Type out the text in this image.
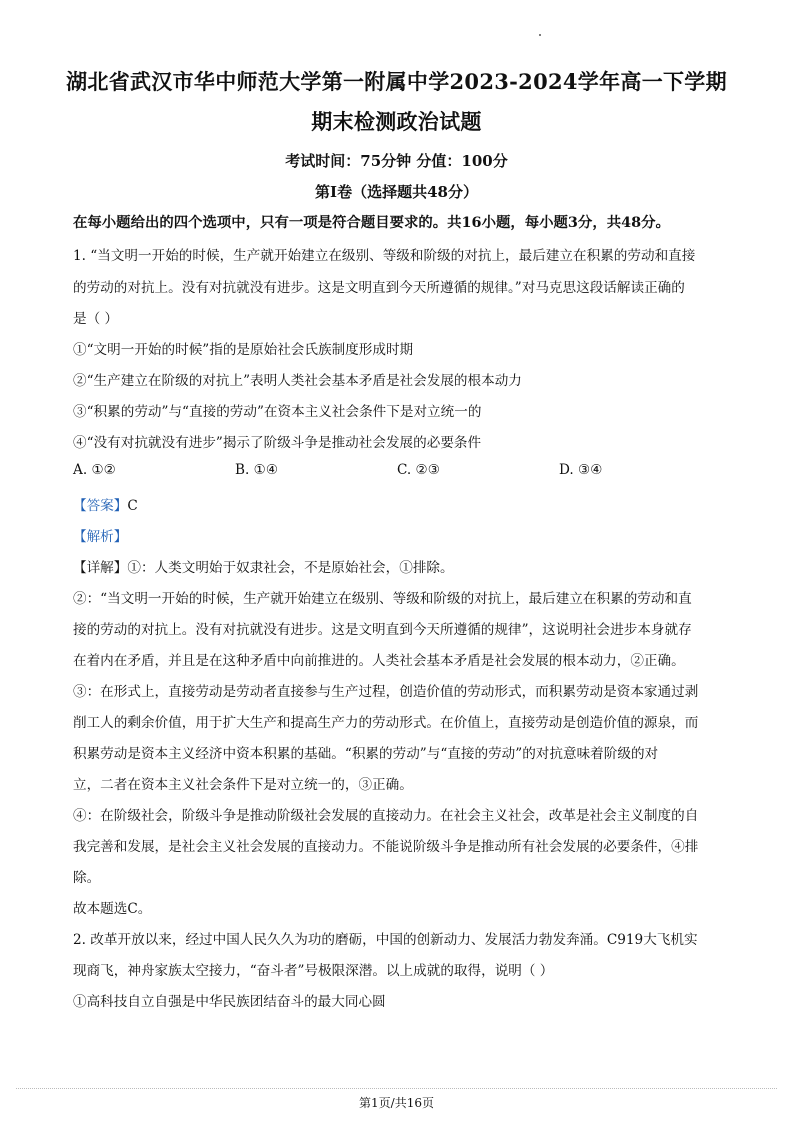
湖北省武汉市华中师范大学第一附属中学2023-2024学年高一下学期
期末检测政治试题
考试时间：75分钟 分值：100分
第Ⅰ卷（选择题共48分）
在每小题给出的四个选项中，只有一项是符合题目要求的。共16小题，每小题3分，共48分。
1. “当文明一开始的时候，生产就开始建立在级别、等级和阶级的对抗上，最后建立在积累的劳动和直接
的劳动的对抗上。没有对抗就没有进步。这是文明直到今天所遵循的规律。”对马克思这段话解读正确的
是（ ）
①“文明一开始的时候”指的是原始社会氏族制度形成时期
②“生产建立在阶级的对抗上”表明人类社会基本矛盾是社会发展的根本动力
③“积累的劳动”与“直接的劳动”在资本主义社会条件下是对立统一的
④“没有对抗就没有进步”揭示了阶级斗争是推动社会发展的必要条件
A. ①②	B. ①④	C. ②③	D. ③④
【答案】C
【解析】
【详解】①：人类文明始于奴隶社会，不是原始社会，①排除。
②：“当文明一开始的时候，生产就开始建立在级别、等级和阶级的对抗上，最后建立在积累的劳动和直
接的劳动的对抗上。没有对抗就没有进步。这是文明直到今天所遵循的规律”，这说明社会进步本身就存
在着内在矛盾，并且是在这种矛盾中向前推进的。人类社会基本矛盾是社会发展的根本动力，②正确。
③：在形式上，直接劳动是劳动者直接参与生产过程，创造价值的劳动形式，而积累劳动是资本家通过剥
削工人的剩余价值，用于扩大生产和提高生产力的劳动形式。在价值上，直接劳动是创造价值的源泉，而
积累劳动是资本主义经济中资本积累的基础。“积累的劳动”与“直接的劳动”的对抗意味着阶级的对
立，二者在资本主义社会条件下是对立统一的，③正确。
④：在阶级社会，阶级斗争是推动阶级社会发展的直接动力。在社会主义社会，改革是社会主义制度的自
我完善和发展，是社会主义社会发展的直接动力。不能说阶级斗争是推动所有社会发展的必要条件，④排
除。
故本题选C。
2. 改革开放以来，经过中国人民久久为功的磨砺，中国的创新动力、发展活力勃发奔涌。C919大飞机实
现商飞，神舟家族太空接力，“奋斗者”号极限深潜。以上成就的取得，说明（ ）
①高科技自立自强是中华民族团结奋斗的最大同心圆
第1页/共16页
